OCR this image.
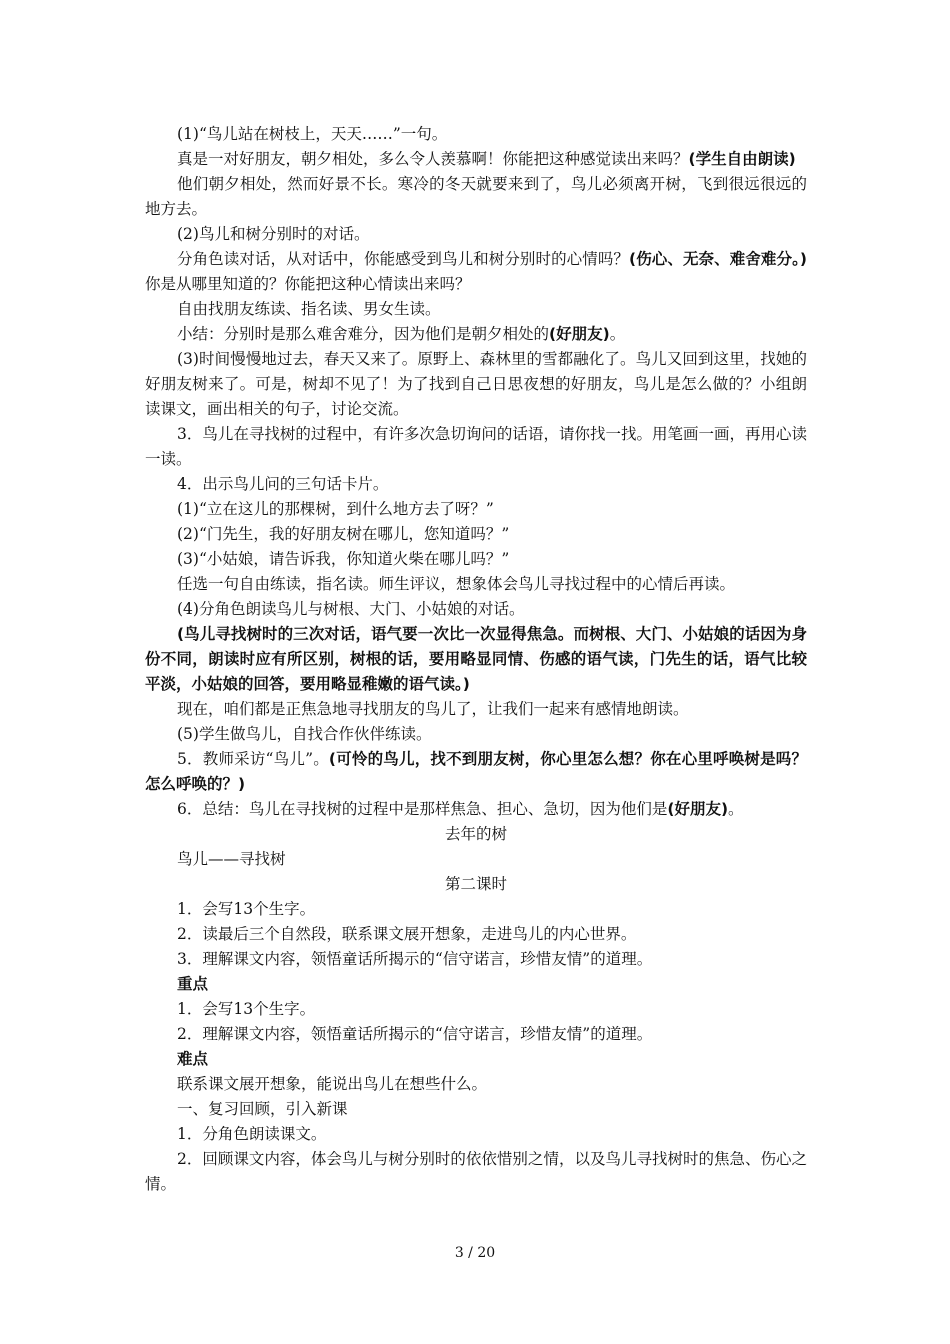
(1)“鸟儿站在树枝上，天天……”一句。

真是一对好朋友，朝夕相处，多么令人羡慕啊！你能把这种感觉读出来吗？(学生自由朗读)

他们朝夕相处，然而好景不长。寒冷的冬天就要来到了，鸟儿必须离开树，飞到很远很远的地方去。

(2)鸟儿和树分别时的对话。

分角色读对话，从对话中，你能感受到鸟儿和树分别时的心情吗？(伤心、无奈、难舍难分。)你是从哪里知道的？你能把这种心情读出来吗？

自由找朋友练读、指名读、男女生读。

小结：分别时是那么难舍难分，因为他们是朝夕相处的(好朋友)。

(3)时间慢慢地过去，春天又来了。原野上、森林里的雪都融化了。鸟儿又回到这里，找她的好朋友树来了。可是，树却不见了！为了找到自己日思夜想的好朋友，鸟儿是怎么做的？小组朗读课文，画出相关的句子，讨论交流。

3．鸟儿在寻找树的过程中，有许多次急切询问的话语，请你找一找。用笔画一画，再用心读一读。

4．出示鸟儿问的三句话卡片。

(1)“立在这儿的那棵树，到什么地方去了呀？”

(2)“门先生，我的好朋友树在哪儿，您知道吗？”

(3)“小姑娘，请告诉我，你知道火柴在哪儿吗？”

任选一句自由练读，指名读。师生评议，想象体会鸟儿寻找过程中的心情后再读。

(4)分角色朗读鸟儿与树根、大门、小姑娘的对话。

(鸟儿寻找树时的三次对话，语气要一次比一次显得焦急。而树根、大门、小姑娘的话因为身份不同，朗读时应有所区别，树根的话，要用略显同情、伤感的语气读，门先生的话，语气比较平淡，小姑娘的回答，要用略显稚嫩的语气读。)

现在，咱们都是正焦急地寻找朋友的鸟儿了，让我们一起来有感情地朗读。

(5)学生做鸟儿，自找合作伙伴练读。

5．教师采访“鸟儿”。(可怜的鸟儿，找不到朋友树，你心里怎么想？你在心里呼唤树是吗？怎么呼唤的？)

6．总结：鸟儿在寻找树的过程中是那样焦急、担心、急切，因为他们是(好朋友)。

去年的树

鸟儿——寻找树

第二课时

1．会写13个生字。

2．读最后三个自然段，联系课文展开想象，走进鸟儿的内心世界。

3．理解课文内容，领悟童话所揭示的“信守诺言，珍惜友情”的道理。

重点

1．会写13个生字。

2．理解课文内容，领悟童话所揭示的“信守诺言，珍惜友情”的道理。

难点

联系课文展开想象，能说出鸟儿在想些什么。

一、复习回顾，引入新课

1．分角色朗读课文。

2．回顾课文内容，体会鸟儿与树分别时的依依惜别之情，以及鸟儿寻找树时的焦急、伤心之情。

3 / 20
